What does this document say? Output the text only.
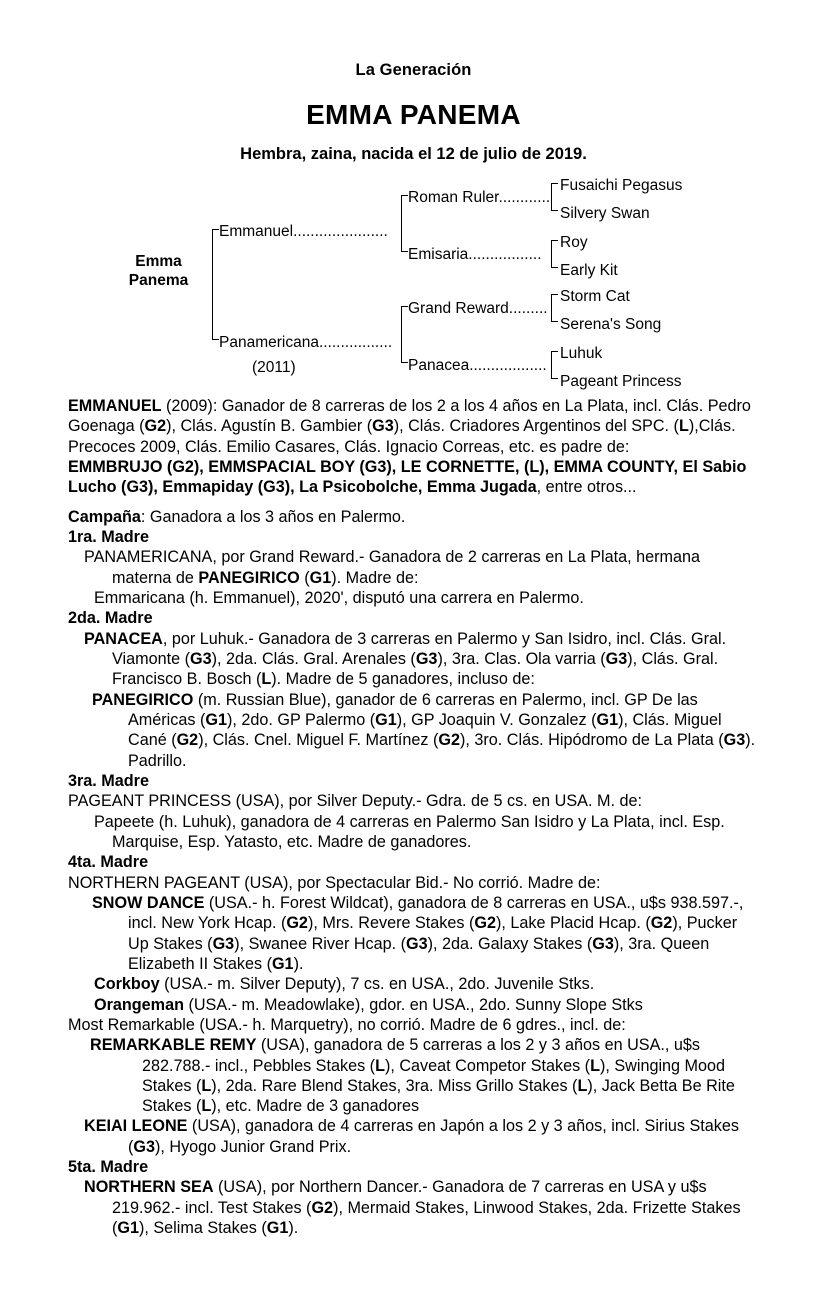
La Generación
EMMA PANEMA
Hembra, zaina, nacida el 12 de julio de 2019.
Emma
Panema
Emmanuel......................
Panamericana.................
(2011)
Roman Ruler............
Emisaria.................
Grand Reward.........
Panacea..................
Fusaichi Pegasus
Silvery Swan
Roy
Early Kit
Storm Cat
Serena's Song
Luhuk
Pageant Princess

EMMANUEL (2009): Ganador de 8 carreras de los 2 a los 4 años en La Plata, incl. Clás. Pedro Goenaga (G2), Clás. Agustín B. Gambier (G3), Clás. Criadores Argentinos del SPC. (L),Clás. Precoces 2009, Clás. Emilio Casares, Clás. Ignacio Correas, etc. es padre de:

EMMBRUJO (G2), EMMSPACIAL BOY (G3), LE CORNETTE, (L), EMMA COUNTY, El Sabio Lucho (G3), Emmapiday (G3), La Psicobolche, Emma Jugada, entre otros...

Campaña: Ganadora a los 3 años en Palermo.

1ra. Madre

PANAMERICANA, por Grand Reward.- Ganadora de 2 carreras en La Plata, hermana materna de PANEGIRICO (G1). Madre de:

Emmaricana (h. Emmanuel), 2020', disputó una carrera en Palermo.

2da. Madre

PANACEA, por Luhuk.- Ganadora de 3 carreras en Palermo y San Isidro, incl. Clás. Gral. Viamonte (G3), 2da. Clás. Gral. Arenales (G3), 3ra. Clas. Ola varria (G3), Clás. Gral. Francisco B. Bosch (L). Madre de 5 ganadores, incluso de:

PANEGIRICO (m. Russian Blue), ganador de 6 carreras en Palermo, incl. GP De las Américas (G1), 2do. GP Palermo (G1), GP Joaquin V. Gonzalez (G1), Clás. Miguel Cané (G2), Clás. Cnel. Miguel F. Martínez (G2), 3ro. Clás. Hipódromo de La Plata (G3). Padrillo.

3ra. Madre

PAGEANT PRINCESS (USA), por Silver Deputy.- Gdra. de 5 cs. en USA. M. de:

Papeete (h. Luhuk), ganadora de 4 carreras en Palermo San Isidro y La Plata, incl. Esp. Marquise, Esp. Yatasto, etc. Madre de ganadores.

4ta. Madre

NORTHERN PAGEANT (USA), por Spectacular Bid.- No corrió. Madre de:

SNOW DANCE (USA.- h. Forest Wildcat), ganadora de 8 carreras en USA., u$s 938.597.-, incl. New York Hcap. (G2), Mrs. Revere Stakes (G2), Lake Placid Hcap. (G2), Pucker Up Stakes (G3), Swanee River Hcap. (G3), 2da. Galaxy Stakes (G3), 3ra. Queen Elizabeth II Stakes (G1).

Corkboy (USA.- m. Silver Deputy), 7 cs. en USA., 2do. Juvenile Stks.

Orangeman (USA.- m. Meadowlake), gdor. en USA., 2do. Sunny Slope Stks

Most Remarkable (USA.- h. Marquetry), no corrió. Madre de 6 gdres., incl. de:

REMARKABLE REMY (USA), ganadora de 5 carreras a los 2 y 3 años en USA., u$s 282.788.- incl., Pebbles Stakes (L), Caveat Competor Stakes (L), Swinging Mood Stakes (L), 2da. Rare Blend Stakes, 3ra. Miss Grillo Stakes (L), Jack Betta Be Rite Stakes (L), etc. Madre de 3 ganadores

KEIAI LEONE (USA), ganadora de 4 carreras en Japón a los 2 y 3 años, incl. Sirius Stakes (G3), Hyogo Junior Grand Prix.

5ta. Madre

NORTHERN SEA (USA), por Northern Dancer.- Ganadora de 7 carreras en USA y u$s 219.962.- incl. Test Stakes (G2), Mermaid Stakes, Linwood Stakes, 2da. Frizette Stakes (G1), Selima Stakes (G1).
